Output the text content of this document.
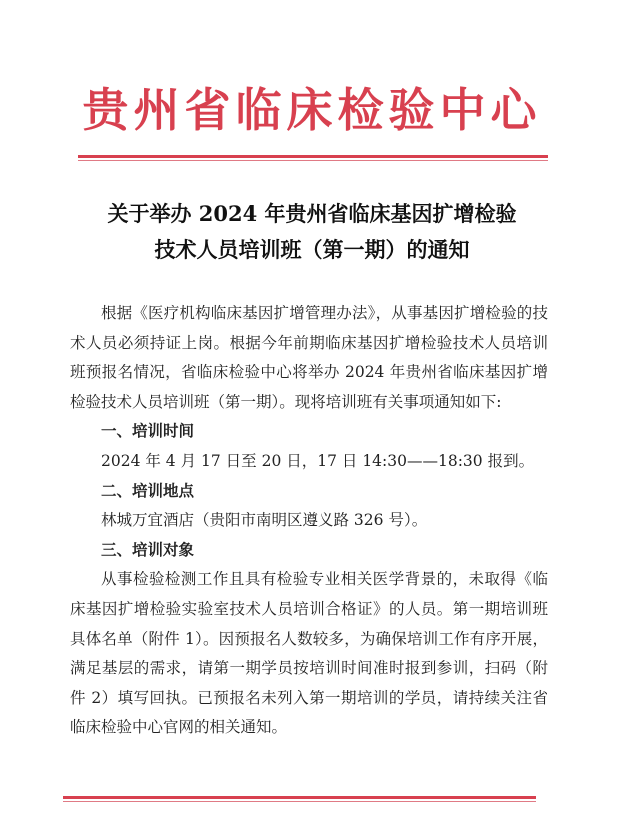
贵州省临床检验中心
关于举办 2024 年贵州省临床基因扩增检验
技术人员培训班（第一期）的通知

根据《医疗机构临床基因扩增管理办法》，从事基因扩增检验的技术人员必须持证上岗。根据今年前期临床基因扩增检验技术人员培训班预报名情况，省临床检验中心将举办 2024 年贵州省临床基因扩增检验技术人员培训班（第一期）。现将培训班有关事项通知如下:

一、培训时间

2024 年 4 月 17 日至 20 日，17 日 14:30——18:30 报到。

二、培训地点

林城万宜酒店（贵阳市南明区遵义路 326 号）。

三、培训对象

从事检验检测工作且具有检验专业相关医学背景的，未取得《临床基因扩增检验实验室技术人员培训合格证》的人员。第一期培训班具体名单（附件 1）。因预报名人数较多，为确保培训工作有序开展，满足基层的需求，请第一期学员按培训时间准时报到参训，扫码（附件 2）填写回执。已预报名未列入第一期培训的学员，请持续关注省临床检验中心官网的相关通知。
